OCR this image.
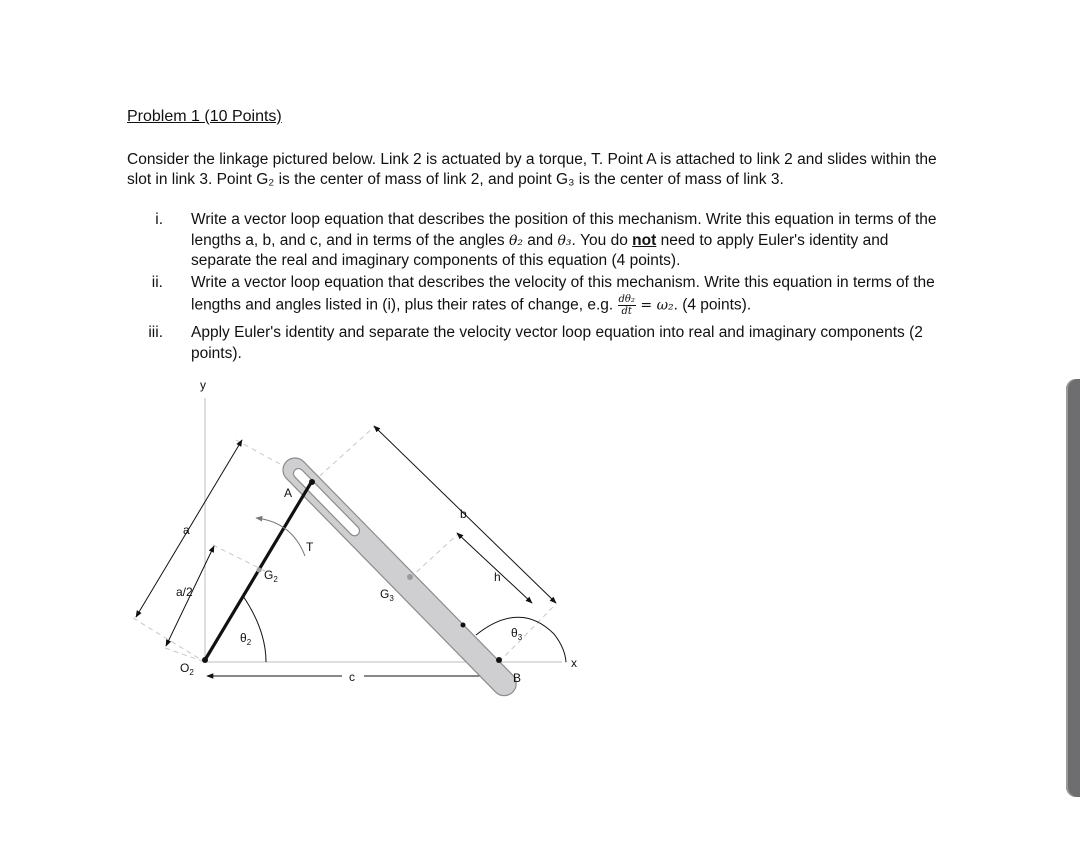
Problem 1 (10 Points)
Consider the linkage pictured below. Link 2 is actuated by a torque, T. Point A is attached to link 2 and slides within the slot in link 3. Point G₂ is the center of mass of link 2, and point G₃ is the center of mass of link 3.
i. Write a vector loop equation that describes the position of this mechanism. Write this equation in terms of the lengths a, b, and c, and in terms of the angles θ₂ and θ₃. You do not need to apply Euler's identity and separate the real and imaginary components of this equation (4 points).
ii. Write a vector loop equation that describes the velocity of this mechanism. Write this equation in terms of the lengths and angles listed in (i), plus their rates of change, e.g. $\frac{\text{dθ₂}}{dt} = \omega_2$. (4 points).
iii. Apply Euler's identity and separate the velocity vector loop equation into real and imaginary components (2 points).
y
x
a
a/2
A
T
$G_2$
$G_3$
b
h
$\theta_2$
$\theta_3$
$O_2$	c	B
